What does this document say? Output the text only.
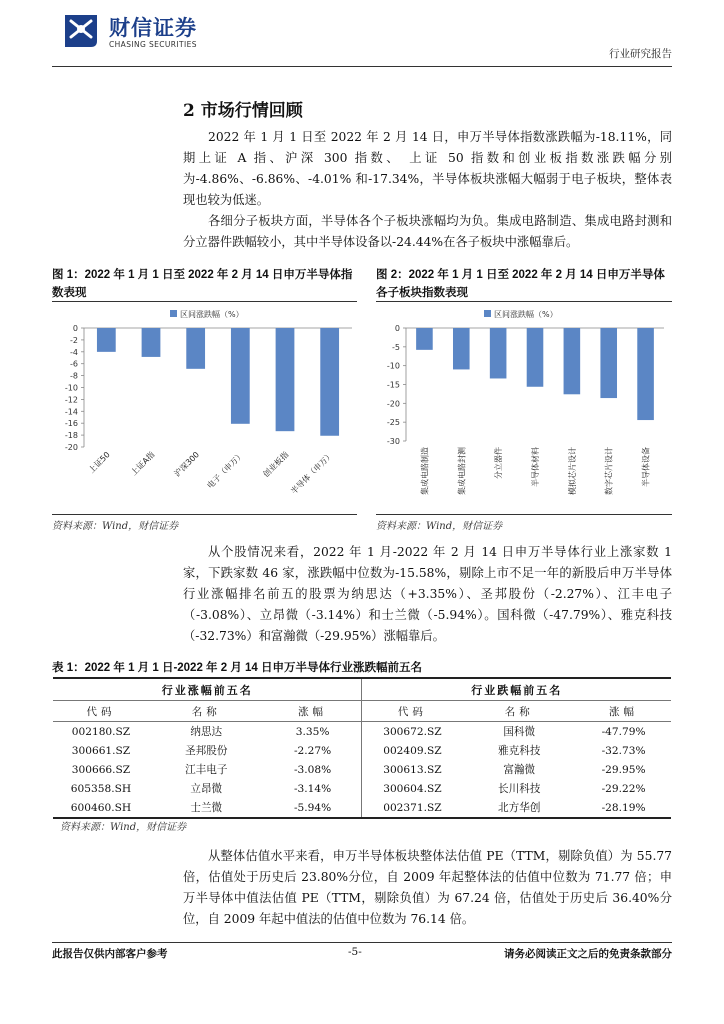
财信证券
CHASING SECURITIES
行业研究报告
2 市场行情回顾
2022 年 1 月 1 日至 2022 年 2 月 14 日，申万半导体指数涨跌幅为-18.11%，同期上证 A 指、沪深 300 指数、 上证 50 指数和创业板指数涨跌幅分别为-4.86%、-6.86%、-4.01% 和-17.34%，半导体板块涨幅大幅弱于电子板块，整体表现也较为低迷。
各细分子板块方面，半导体各个子板块涨幅均为负。集成电路制造、集成电路封测和分立器件跌幅较小，其中半导体设备以-24.44%在各子板块中涨幅靠后。
图 1：2022 年 1 月 1 日至 2022 年 2 月 14 日申万半导体指数表现
区间涨跌幅（%）
0
-2
-4
-6
-8
-10
-12
-14
-16
-18
-20
上证50 上证A指 沪深300 电子（申万） 创业板指
半导体（申万）
资料来源：Wind，财信证券
图 2：2022 年 1 月 1 日至 2022 年 2 月 14 日申万半导体各子板块指数表现
区间涨跌幅（%）
0
-5
-10
-15
-20
-25
-30
集成电路制造	集成电路封测	分立器件	半导体材料	模拟芯片设计	数字芯片设计	半导体设备
资料来源：Wind，财信证券
从个股情况来看，2022 年 1 月-2022 年 2 月 14 日申万半导体行业上涨家数 1 家，下跌家数 46 家，涨跌幅中位数为-15.58%，剔除上市不足一年的新股后申万半导体行业涨幅排名前五的股票为纳思达（+3.35%）、圣邦股份（-2.27%）、江丰电子（-3.08%）、立昂微（-3.14%）和士兰微（-5.94%）。国科微（-47.79%）、雅克科技（-32.73%）和富瀚微（-29.95%）涨幅靠后。
表 1：2022 年 1 月 1 日-2022 年 2 月 14 日申万半导体行业涨跌幅前五名
行业涨幅前五名			行业跌幅前五名		
代码	名称	涨幅	代码	名称	涨幅
002180.SZ	纳思达	3.35%	300672.SZ	国科微	-47.79%
300661.SZ	圣邦股份	-2.27%	002409.SZ	雅克科技	-32.73%
300666.SZ	江丰电子	-3.08%	300613.SZ	富瀚微	-29.95%
605358.SH	立昂微	-3.14%	300604.SZ	长川科技	-29.22%
600460.SH	士兰微	-5.94%	002371.SZ	北方华创	-28.19%
资料来源：Wind，财信证券
从整体估值水平来看，申万半导体板块整体法估值 PE（TTM，剔除负值）为 55.77 倍，估值处于历史后 23.80%分位，自 2009 年起整体法的估值中位数为 71.77 倍；申万半导体中值法估值 PE（TTM，剔除负值）为 67.24 倍，估值处于历史后 36.40%分位，自 2009 年起中值法的估值中位数为 76.14 倍。
此报告仅供内部客户参考	-5-	请务必阅读正文之后的免责条款部分
